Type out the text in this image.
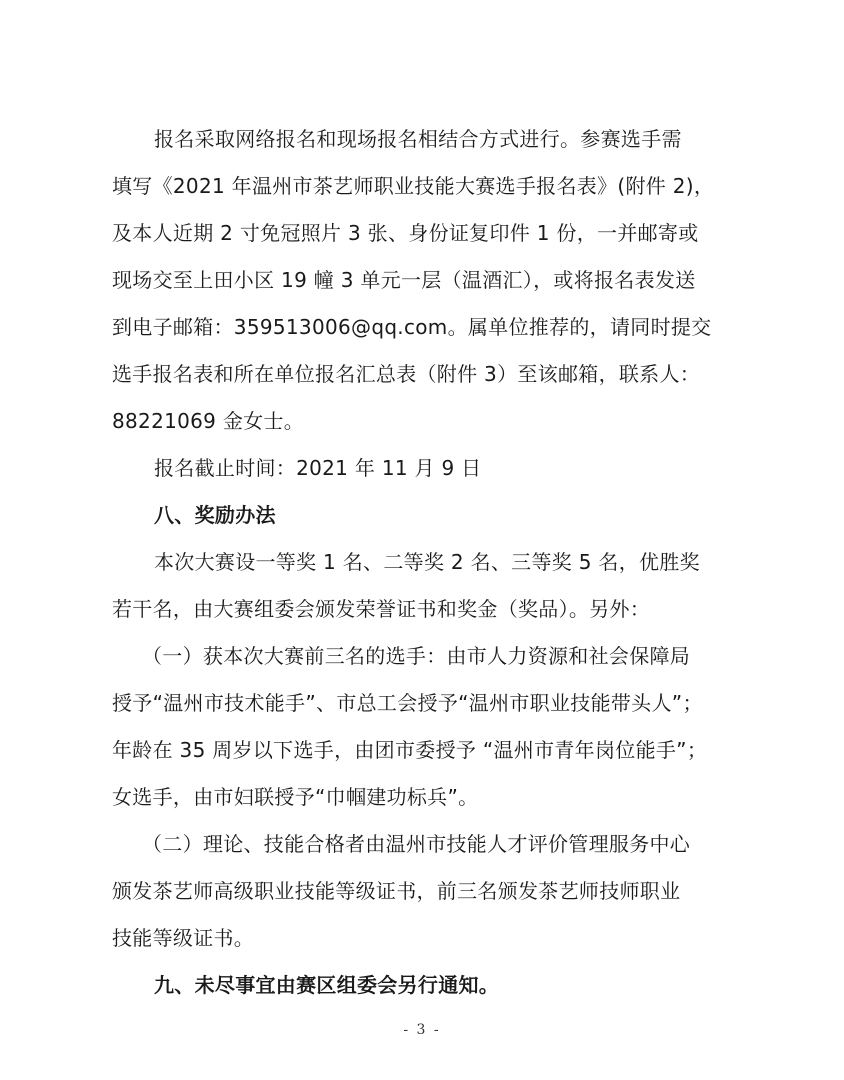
报名采取网络报名和现场报名相结合方式进行。参赛选手需
填写《2021 年温州市茶艺师职业技能大赛选手报名表》(附件 2)，
及本人近期 2 寸免冠照片 3 张、身份证复印件 1 份，一并邮寄或
现场交至上田小区 19 幢 3 单元一层（温酒汇），或将报名表发送
到电子邮箱：359513006@qq.com。属单位推荐的，请同时提交
选手报名表和所在单位报名汇总表（附件 3）至该邮箱，联系人：
88221069 金女士。
报名截止时间：2021 年 11 月 9 日
八、奖励办法
本次大赛设一等奖 1 名、二等奖 2 名、三等奖 5 名，优胜奖
若干名，由大赛组委会颁发荣誉证书和奖金（奖品）。另外：
（一）获本次大赛前三名的选手：由市人力资源和社会保障局
授予“温州市技术能手”、市总工会授予“温州市职业技能带头人”；
年龄在 35 周岁以下选手，由团市委授予 “温州市青年岗位能手”；
女选手，由市妇联授予“巾帼建功标兵”。
（二）理论、技能合格者由温州市技能人才评价管理服务中心
颁发茶艺师高级职业技能等级证书，前三名颁发茶艺师技师职业
技能等级证书。
九、未尽事宜由赛区组委会另行通知。
- 3 -
